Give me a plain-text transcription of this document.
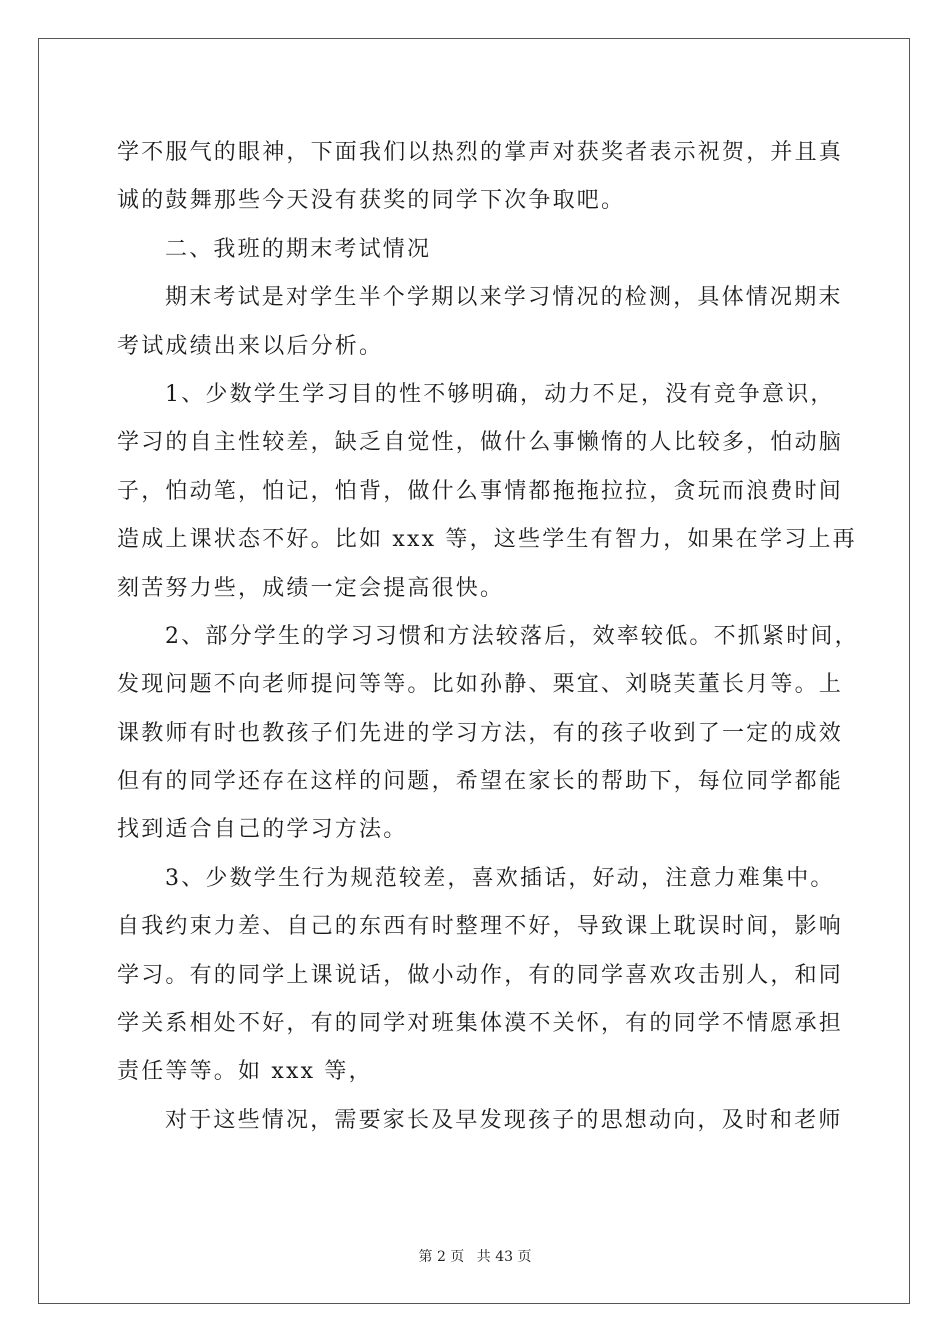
学不服气的眼神，下面我们以热烈的掌声对获奖者表示祝贺，并且真
诚的鼓舞那些今天没有获奖的同学下次争取吧。
二、我班的期末考试情况
期末考试是对学生半个学期以来学习情况的检测，具体情况期末
考试成绩出来以后分析。
1、少数学生学习目的性不够明确，动力不足，没有竞争意识，
学习的自主性较差，缺乏自觉性，做什么事懒惰的人比较多，怕动脑
子，怕动笔，怕记，怕背，做什么事情都拖拖拉拉，贪玩而浪费时间
造成上课状态不好。比如 xxx 等，这些学生有智力，如果在学习上再
刻苦努力些，成绩一定会提高很快。
2、部分学生的学习习惯和方法较落后，效率较低。不抓紧时间，
发现问题不向老师提问等等。比如孙静、栗宜、刘晓芙董长月等。上
课教师有时也教孩子们先进的学习方法，有的孩子收到了一定的成效
但有的同学还存在这样的问题，希望在家长的帮助下，每位同学都能
找到适合自己的学习方法。
3、少数学生行为规范较差，喜欢插话，好动，注意力难集中。
自我约束力差、自己的东西有时整理不好，导致课上耽误时间，影响
学习。有的同学上课说话，做小动作，有的同学喜欢攻击别人，和同
学关系相处不好，有的同学对班集体漠不关怀，有的同学不情愿承担
责任等等。如 xxx 等，
对于这些情况，需要家长及早发现孩子的思想动向，及时和老师
第 2 页 共 43 页
